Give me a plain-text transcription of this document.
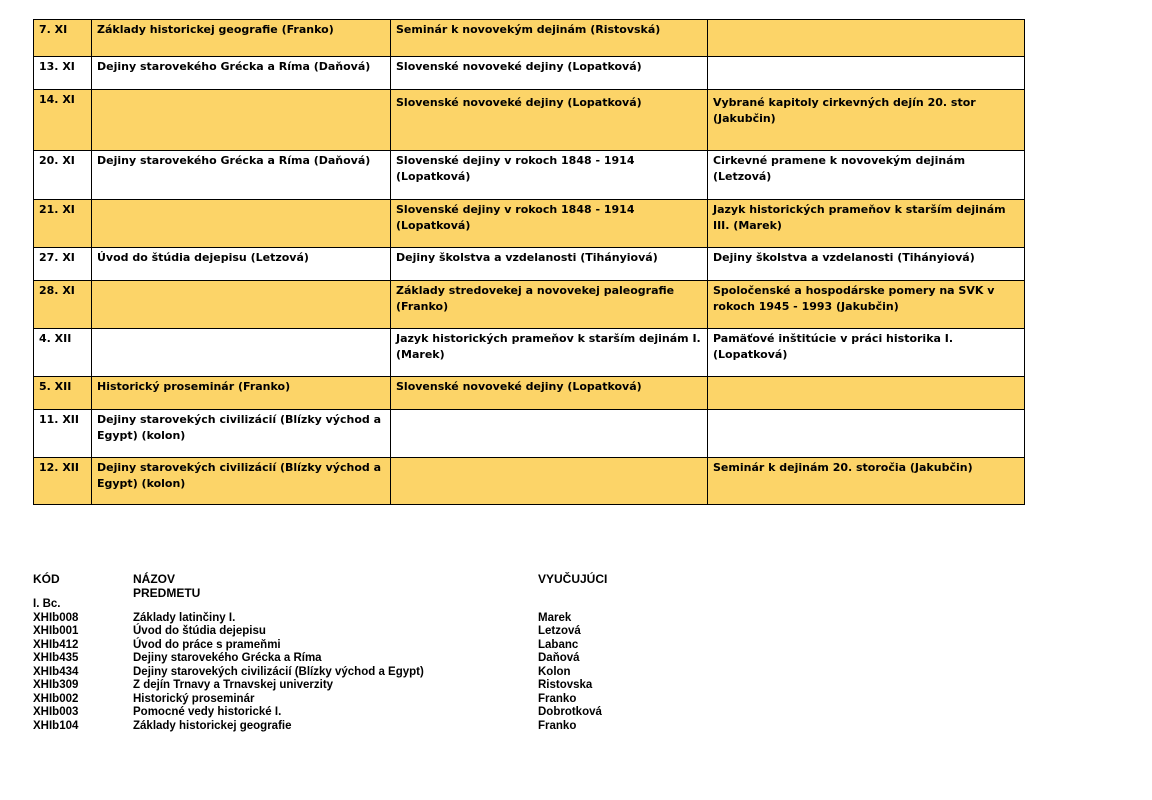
7. XI	Základy historickej geografie (Franko)	Seminár k novovekým dejinám (Ristovská)	
13. XI	Dejiny starovekého Grécka a Ríma (Daňová)	Slovenské novoveké dejiny (Lopatková)	
14. XI		Slovenské novoveké dejiny (Lopatková)	Vybrané kapitoly cirkevných dejín 20. stor (Jakubčin)
20. XI	Dejiny starovekého Grécka a Ríma (Daňová)	Slovenské dejiny v rokoch 1848 - 1914 (Lopatková)	Cirkevné pramene k novovekým dejinám (Letzová)
21. XI		Slovenské dejiny v rokoch 1848 - 1914 (Lopatková)	Jazyk historických prameňov k starším dejinám III. (Marek)
27. XI	Úvod do štúdia dejepisu (Letzová)	Dejiny školstva a vzdelanosti (Tihányiová)	Dejiny školstva a vzdelanosti (Tihányiová)
28. XI		Základy stredovekej a novovekej paleografie (Franko)	Spoločenské a hospodárske pomery na SVK v rokoch 1945 - 1993 (Jakubčin)
4. XII		Jazyk historických prameňov k starším dejinám I. (Marek)	Pamäťové inštitúcie v práci historika I. (Lopatková)
5. XII	Historický proseminár (Franko)	Slovenské novoveké dejiny (Lopatková)	
11. XII	Dejiny starovekých civilizácií (Blízky východ a Egypt) (kolon)		
12. XII	Dejiny starovekých civilizácií (Blízky východ a Egypt) (kolon)		Seminár k dejinám 20. storočia (Jakubčin)
KÓD	NÁZOV PREDMETU
VYUČUJÚCI
I. Bc.
XHIb008	Základy latinčiny I.	Marek
XHIb001	Úvod do štúdia dejepisu	Letzová
XHIb412	Úvod do práce s prameňmi	Labanc
XHIb435	Dejiny starovekého Grécka a Ríma	Daňová
XHIb434	Dejiny starovekých civilizácií (Blízky východ a Egypt)	Kolon
XHIb309	Z dejín Trnavy a Trnavskej univerzity	Ristovska
XHIb002	Historický proseminár	Franko
XHIb003	Pomocné vedy historické I.	Dobrotková
XHIb104	Základy historickej geografie	Franko
